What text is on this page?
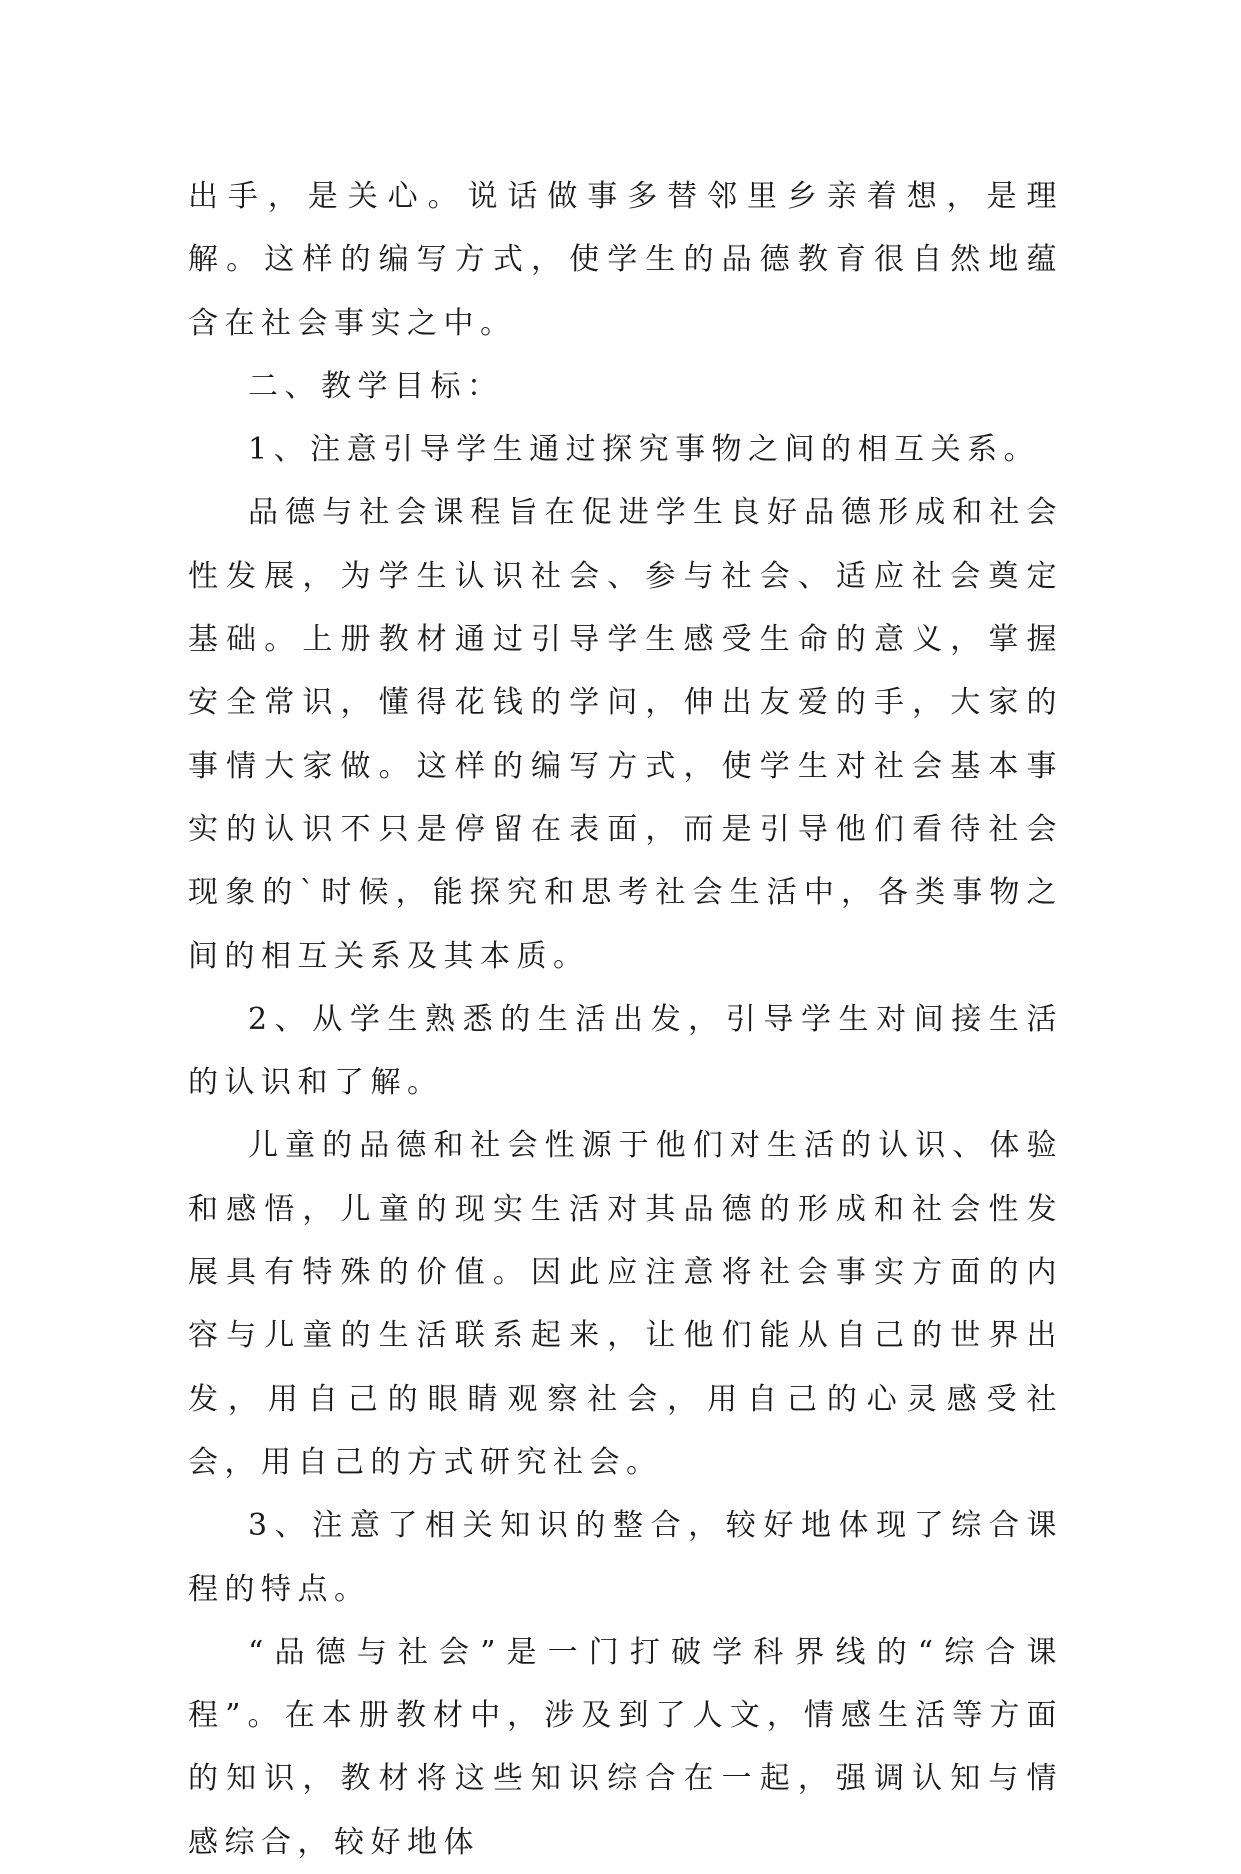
出手，是关心。说话做事多替邻里乡亲着想，是理解。这样的编写方式，使学生的品德教育很自然地蕴含在社会事实之中。

二、教学目标：

1、注意引导学生通过探究事物之间的相互关系。

品德与社会课程旨在促进学生良好品德形成和社会性发展，为学生认识社会、参与社会、适应社会奠定基础。上册教材通过引导学生感受生命的意义，掌握安全常识，懂得花钱的学问，伸出友爱的手，大家的事情大家做。这样的编写方式，使学生对社会基本事实的认识不只是停留在表面，而是引导他们看待社会现象的`时候，能探究和思考社会生活中，各类事物之间的相互关系及其本质。

2、从学生熟悉的生活出发，引导学生对间接生活的认识和了解。

儿童的品德和社会性源于他们对生活的认识、体验和感悟，儿童的现实生活对其品德的形成和社会性发展具有特殊的价值。因此应注意将社会事实方面的内容与儿童的生活联系起来，让他们能从自己的世界出发，用自己的眼睛观察社会，用自己的心灵感受社会，用自己的方式研究社会。

3、注意了相关知识的整合，较好地体现了综合课程的特点。

“品德与社会”是一门打破学科界线的“综合课程”。在本册教材中，涉及到了人文，情感生活等方面的知识，教材将这些知识综合在一起，强调认知与情感综合，较好地体
